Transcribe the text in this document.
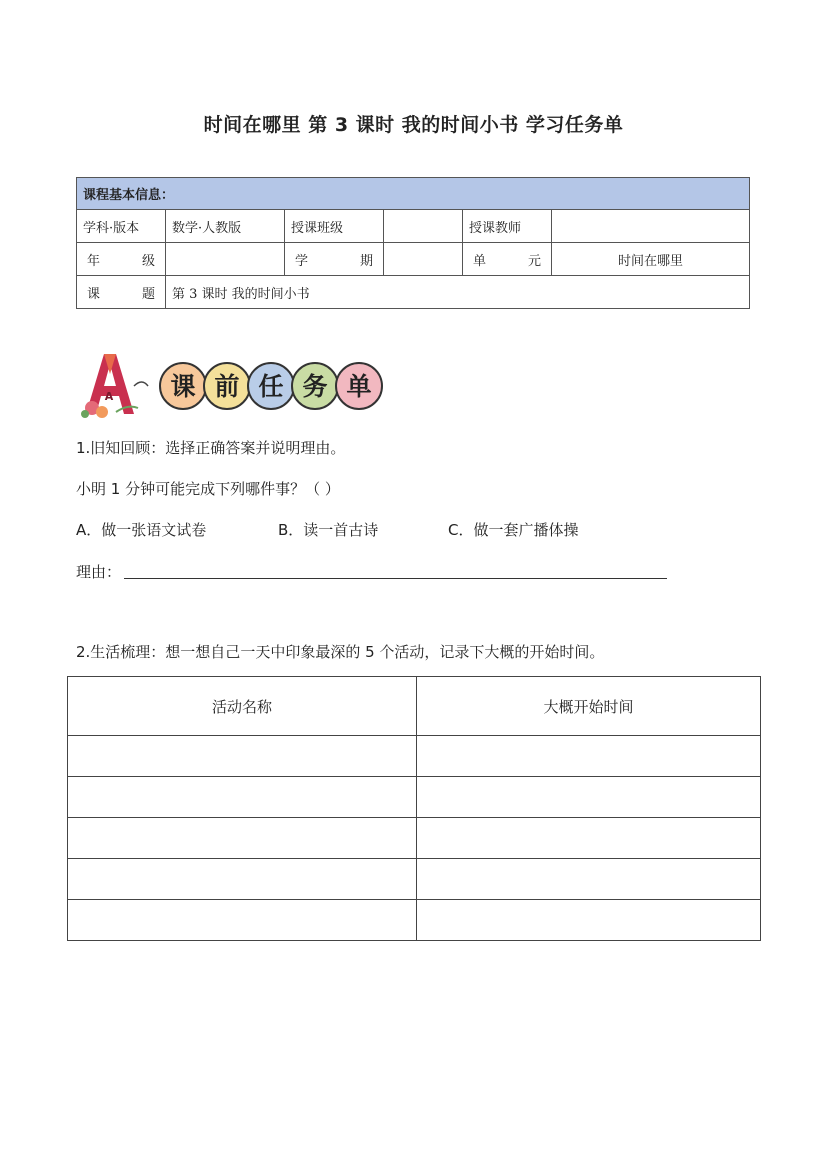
时间在哪里 第 3 课时 我的时间小书 学习任务单
课程基本信息：					
学科·版本	数学·人教版	授课班级		授课教师	
年 级		学 期		单 元	时间在哪里
课 题	第 3 课时 我的时间小书				
A 课 前 任 务 单
1.旧知回顾：选择正确答案并说明理由。
小明 1 分钟可能完成下列哪件事？（ ）
A．做一张语文试卷	B．读一首古诗	C．做一套广播体操
理由：
2.生活梳理：想一想自己一天中印象最深的 5 个活动，记录下大概的开始时间。
活动名称	大概开始时间
